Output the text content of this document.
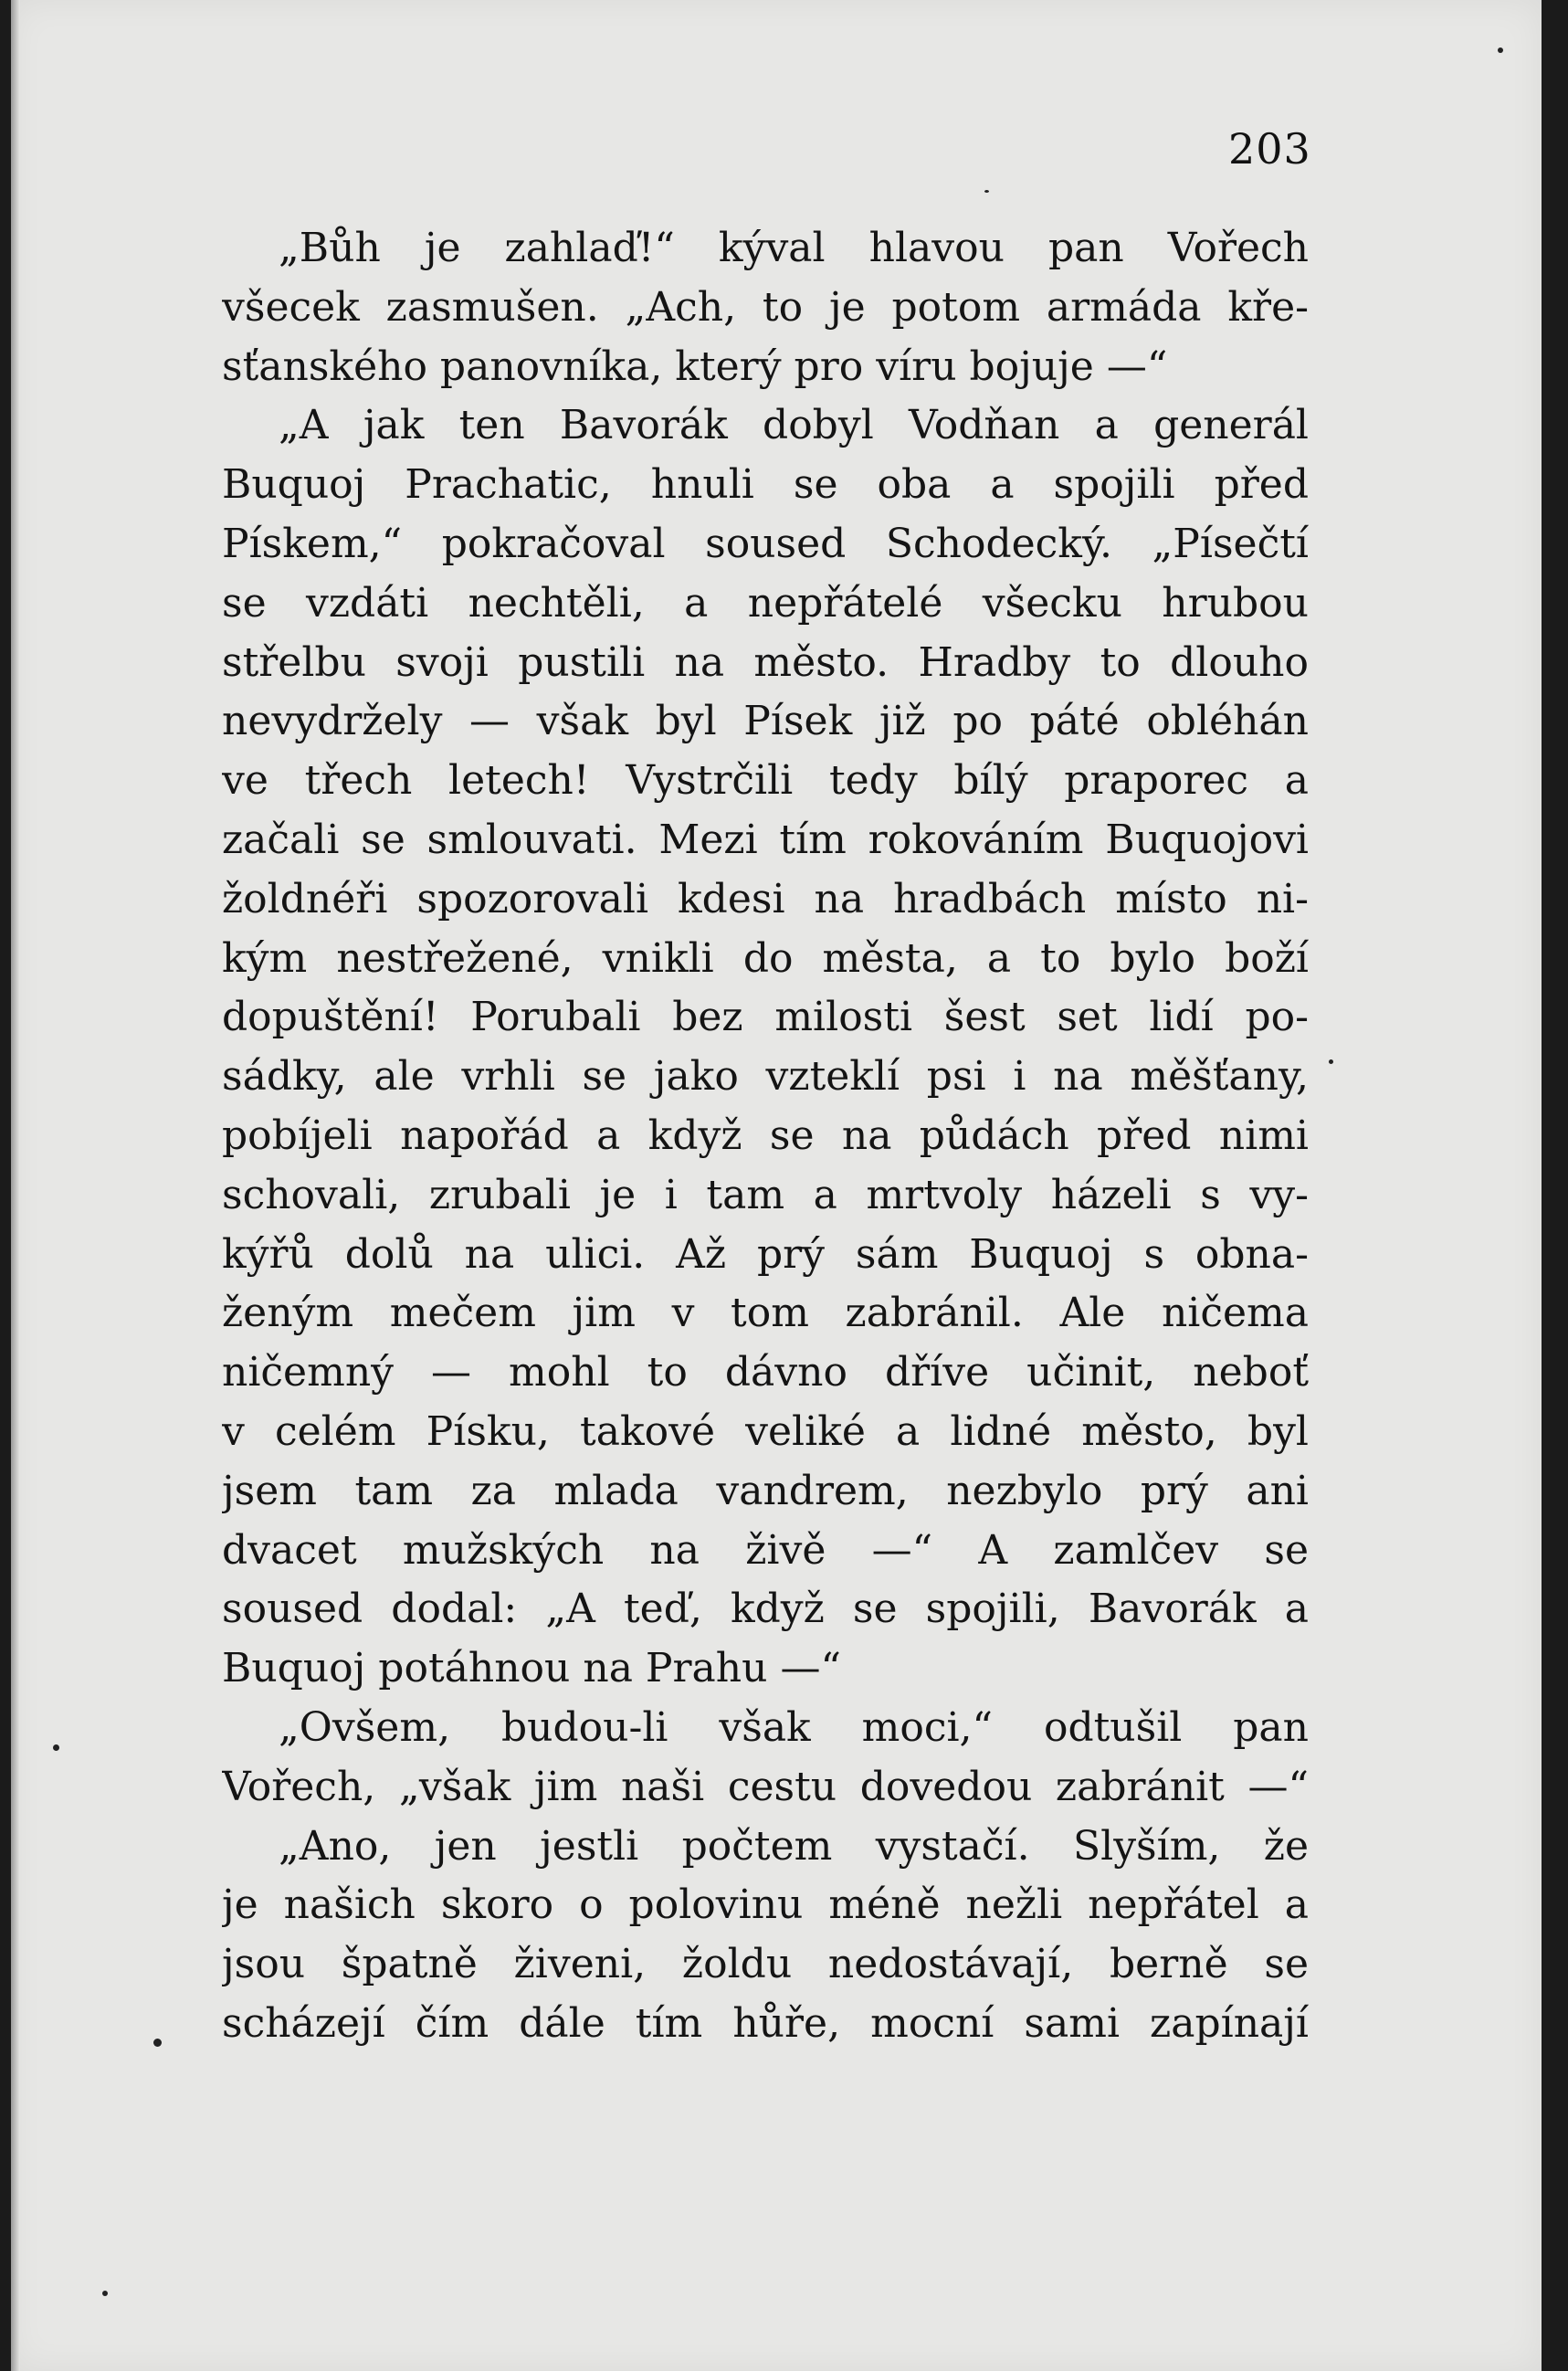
203
„Bůh je zahlaď!“ kýval hlavou pan Vořech
všecek zasmušen. „Ach, to je potom armáda kře-
sťanského panovníka, který pro víru bojuje —“
„A jak ten Bavorák dobyl Vodňan a generál
Buquoj Prachatic, hnuli se oba a spojili před
Pískem,“ pokračoval soused Schodecký. „Písečtí
se vzdáti nechtěli, a nepřátelé všecku hrubou
střelbu svoji pustili na město. Hradby to dlouho
nevydržely — však byl Písek již po páté obléhán
ve třech letech! Vystrčili tedy bílý praporec a
začali se smlouvati. Mezi tím rokováním Buquojovi
žoldnéři spozorovali kdesi na hradbách místo ni-
kým nestřežené, vnikli do města, a to bylo boží
dopuštění! Porubali bez milosti šest set lidí po-
sádky, ale vrhli se jako vzteklí psi i na měšťany,
pobíjeli napořád a když se na půdách před nimi
schovali, zrubali je i tam a mrtvoly házeli s vy-
kýřů dolů na ulici. Až prý sám Buquoj s obna-
ženým mečem jim v tom zabránil. Ale ničema
ničemný — mohl to dávno dříve učinit, neboť
v celém Písku, takové veliké a lidné město, byl
jsem tam za mlada vandrem, nezbylo prý ani
dvacet mužských na živě —“ A zamlčev se
soused dodal: „A teď, když se spojili, Bavorák a
Buquoj potáhnou na Prahu —“
„Ovšem, budou-li však moci,“ odtušil pan
Vořech, „však jim naši cestu dovedou zabránit —“
„Ano, jen jestli počtem vystačí. Slyším, že
je našich skoro o polovinu méně nežli nepřátel a
jsou špatně živeni, žoldu nedostávají, berně se
scházejí čím dále tím hůře, mocní sami zapínají
